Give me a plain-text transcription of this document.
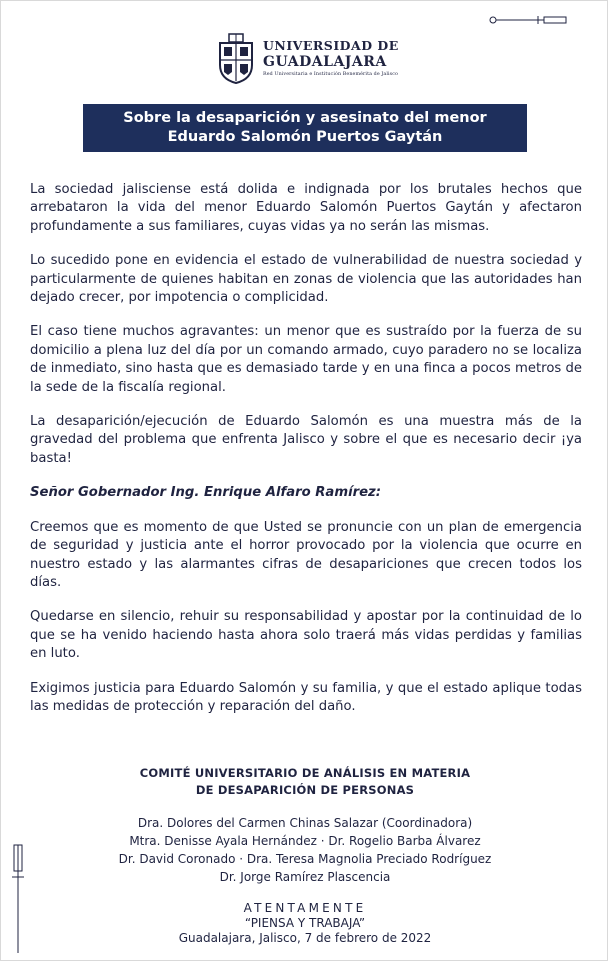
UNIVERSIDAD DE
GUADALAJARA
Red Universitaria e Institución Benemérita de Jalisco
Sobre la desaparición y asesinato del menor
Eduardo Salomón Puertos Gaytán

La sociedad jalisciense está dolida e indignada por los brutales hechos que arrebataron la vida del menor Eduardo Salomón Puertos Gaytán y afectaron profundamente a sus familiares, cuyas vidas ya no serán las mismas.

Lo sucedido pone en evidencia el estado de vulnerabilidad de nuestra sociedad y particularmente de quienes habitan en zonas de violencia que las autoridades han dejado crecer, por impotencia o complicidad.

El caso tiene muchos agravantes: un menor que es sustraído por la fuerza de su domicilio a plena luz del día por un comando armado, cuyo paradero no se localiza de inmediato, sino hasta que es demasiado tarde y en una finca a pocos metros de la sede de la fiscalía regional.

La desaparición/ejecución de Eduardo Salomón es una muestra más de la gravedad del problema que enfrenta Jalisco y sobre el que es necesario decir ¡ya basta!

Señor Gobernador Ing. Enrique Alfaro Ramírez:

Creemos que es momento de que Usted se pronuncie con un plan de emergencia de seguridad y justicia ante el horror provocado por la violencia que ocurre en nuestro estado y las alarmantes cifras de desapariciones que crecen todos los días.

Quedarse en silencio, rehuir su responsabilidad y apostar por la continuidad de lo que se ha venido haciendo hasta ahora solo traerá más vidas perdidas y familias en luto.

Exigimos justicia para Eduardo Salomón y su familia, y que el estado aplique todas las medidas de protección y reparación del daño.

COMITÉ UNIVERSITARIO DE ANÁLISIS EN MATERIA
DE DESAPARICIÓN DE PERSONAS
Dra. Dolores del Carmen Chinas Salazar (Coordinadora)
Mtra. Denisse Ayala Hernández · Dr. Rogelio Barba Álvarez
Dr. David Coronado · Dra. Teresa Magnolia Preciado Rodríguez
Dr. Jorge Ramírez Plascencia
ATENTAMENTE
“PIENSA Y TRABAJA”
Guadalajara, Jalisco, 7 de febrero de 2022
